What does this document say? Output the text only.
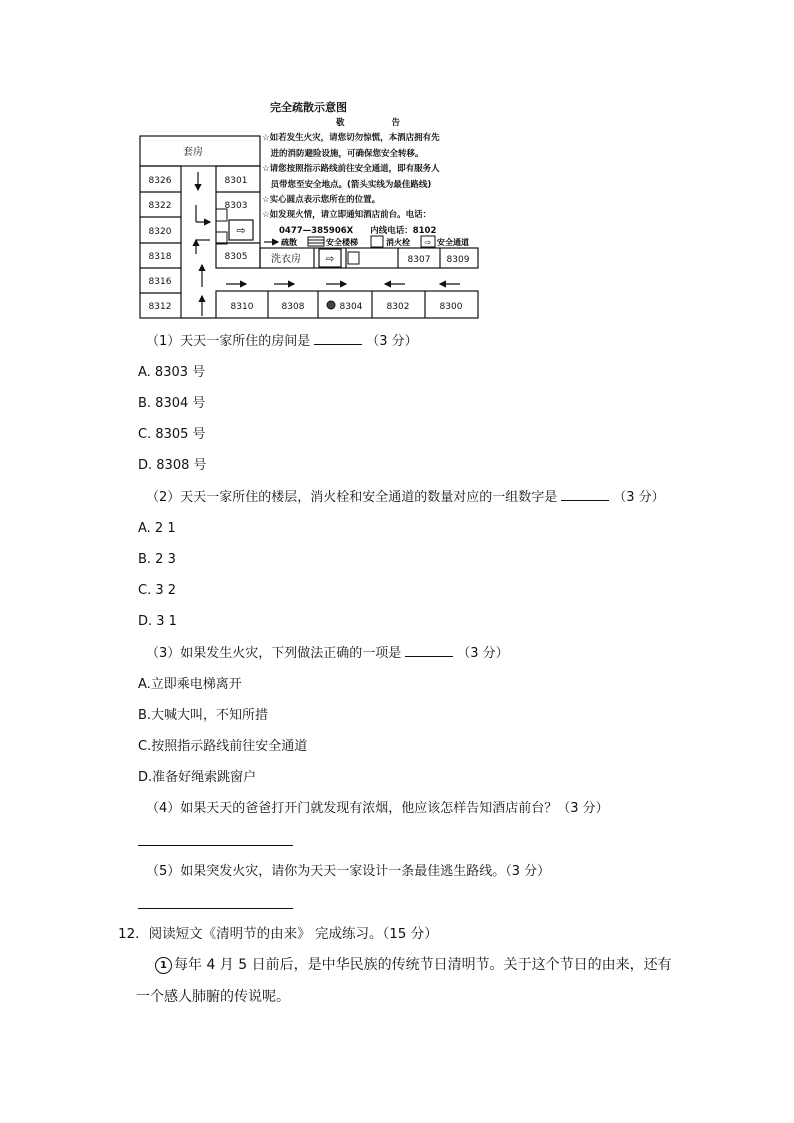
完全疏散示意图
敬　　告
☆如若发生火灾，请您切勿惊慌，本酒店拥有先
　进的消防避险设施，可确保您安全转移。
☆请您按照指示路线前往安全通道，即有服务人
　员带您至安全地点。(箭头实线为最佳路线)
☆实心圆点表示您所在的位置。
☆如发现火情，请立即通知酒店前台。电话：
　　0477—385906X　　内线电话：8102
⇨
⇨
⇨
疏散	安全楼梯	消火栓	安全通道
套房
8326
8322
8320
8318
8316
8312
8301
8303
8305 洗衣房	8307 8309
8310	8308	8304	8302	8300
（1）天天一家所住的房间是	（3 分）
A. 8303 号
B. 8304 号
C. 8305 号
D. 8308 号
（2）天天一家所住的楼层，消火栓和安全通道的数量对应的一组数字是	（3 分）
A. 2 1
B. 2 3
C. 3 2
D. 3 1
（3）如果发生火灾，下列做法正确的一项是	（3 分）
A.立即乘电梯离开
B.大喊大叫，不知所措
C.按照指示路线前往安全通道
D.准备好绳索跳窗户
（4）如果天天的爸爸打开门就发现有浓烟，他应该怎样告知酒店前台？（3 分）
（5）如果突发火灾，请你为天天一家设计一条最佳逃生路线。（3 分）
12．阅读短文《清明节的由来》 完成练习。（15 分）
1 每年 4 月 5 日前后，是中华民族的传统节日清明节。关于这个节日的由来，还有
一个感人肺腑的传说呢。
